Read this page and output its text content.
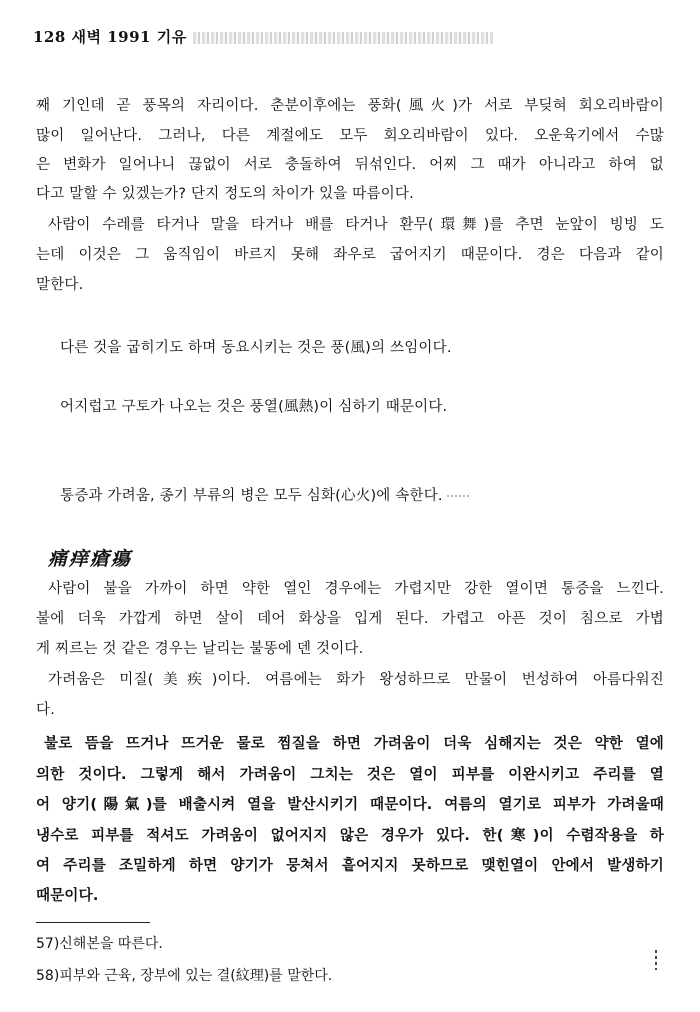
128 새벽 1991 기유
째 기인데 곧 풍목의 자리이다. 춘분이후에는 풍화(風火)가 서로 부딪혀 회오리바람이
많이 일어난다. 그러나, 다른 계절에도 모두 회오리바람이 있다. 오운육기에서 수많
은 변화가 일어나니 끊없이 서로 충돌하여 뒤섞인다. 어찌 그 때가 아니라고 하여 없
다고 말할 수 있겠는가? 단지 정도의 차이가 있을 따름이다.
사람이 수레를 타거나 말을 타거나 배를 타거나 환무(環舞)를 추면 눈앞이 빙빙 도
는데 이것은 그 움직임이 바르지 못해 좌우로 굽어지기 때문이다. 경은 다음과 같이
말한다.
다른 것을 굽히기도 하며 동요시키는 것은 풍(風)의 쓰임이다.
어지럽고 구토가 나오는 것은 풍열(風熱)이 심하기 때문이다.
통증과 가려움, 종기 부류의 병은 모두 심화(心火)에 속한다.
痛痒瘡瘍
사람이 불을 가까이 하면 약한 열인 경우에는 가렵지만 강한 열이면 통증을 느낀다.
불에 더욱 가깝게 하면 살이 데어 화상을 입게 된다. 가렵고 아픈 것이 침으로 가볍
게 찌르는 것 같은 경우는 날리는 불똥에 덴 것이다.
가려움은 미질(美疾)이다. 여름에는 화가 왕성하므로 만물이 번성하여 아름다워진
다.
불로 뜸을 뜨거나 뜨거운 물로 찜질을 하면 가려움이 더욱 심해지는 것은 약한 열에
의한 것이다. 그렇게 해서 가려움이 그치는 것은 열이 피부를 이완시키고 주리를 열
어 양기(陽氣)를 배출시켜 열을 발산시키기 때문이다. 여름의 열기로 피부가 가려울때
냉수로 피부를 적셔도 가려움이 없어지지 않은 경우가 있다. 한(寒)이 수렴작용을 하
여 주리를 조밀하게 하면 양기가 뭉쳐서 흩어지지 못하므로 맺힌열이 안에서 발생하기
때문이다.
57)신해본을 따른다.
58)피부와 근육, 장부에 있는 결(紋理)를 말한다.
